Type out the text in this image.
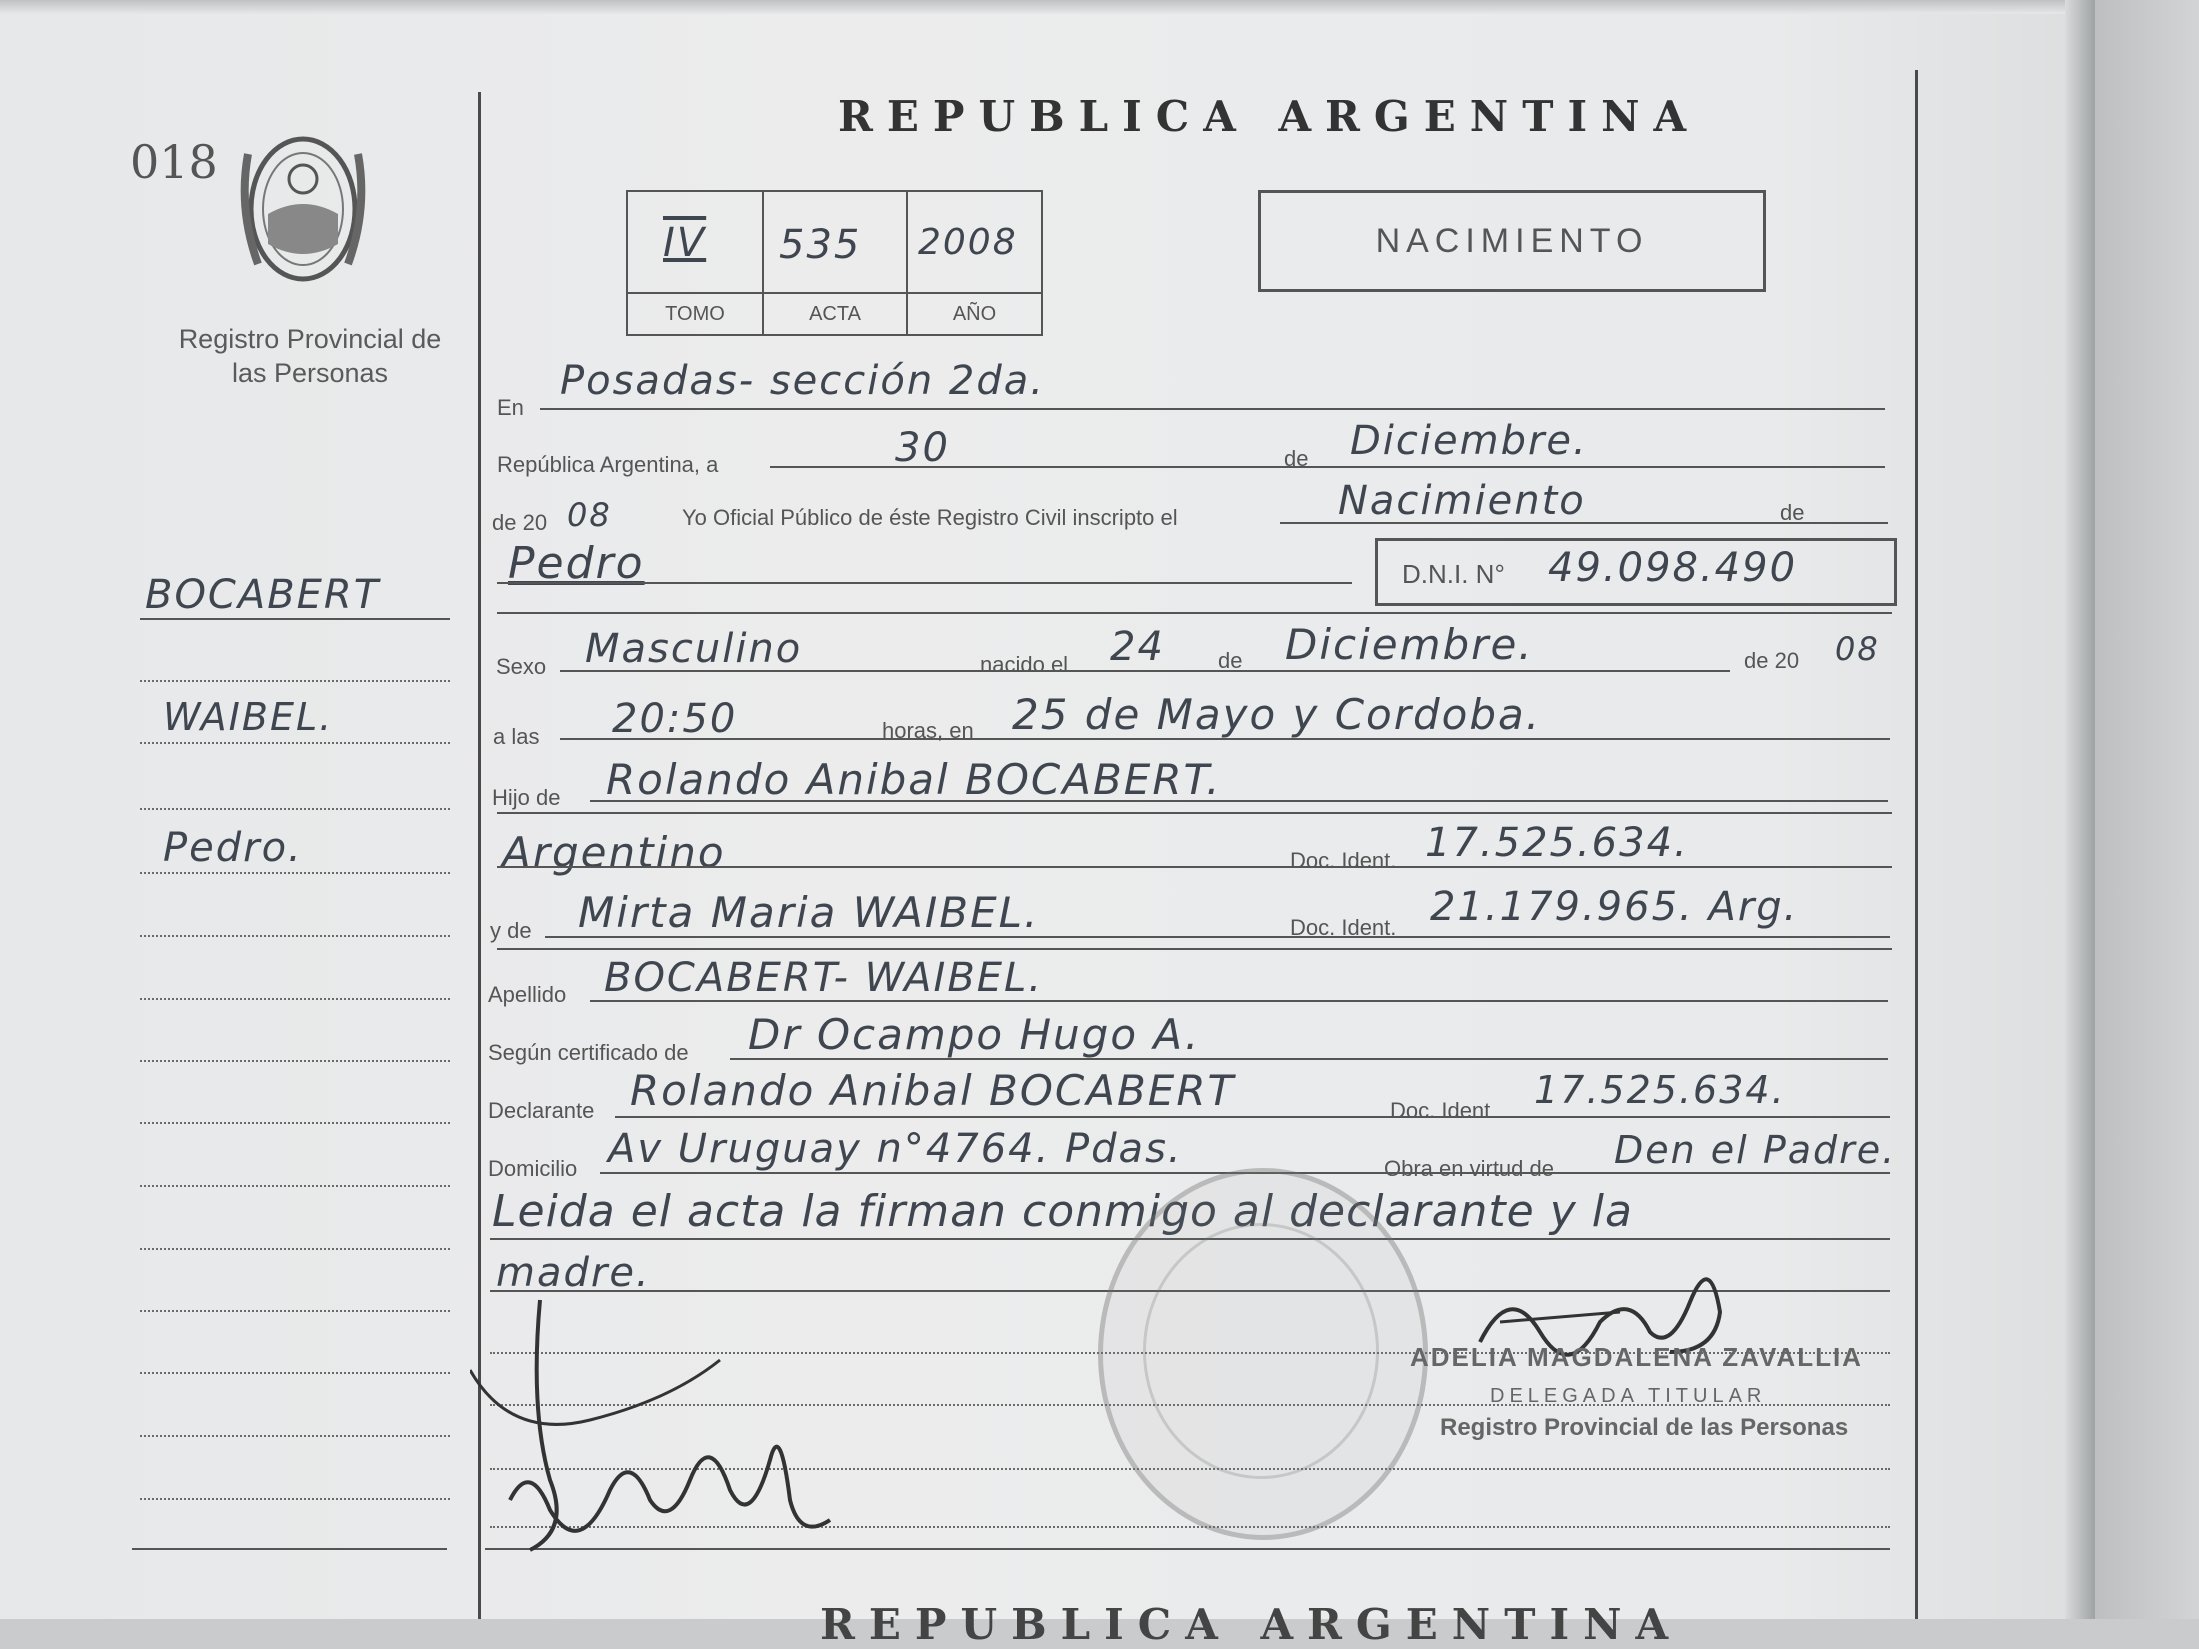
018
Registro Provincial de las Personas
BOCABERT
WAIBEL.
Pedro.
REPUBLICA ARGENTINA
IV 535 2008
TOMO	ACTA	AÑO
NACIMIENTO
En
Posadas- sección 2da.
República Argentina, a	30	de Diciembre.
de 20 08	Yo Oficial Público de éste Registro Civil inscripto el	Nacimiento	de
Pedro	D.N.I. N° 49.098.490
Sexo Masculino	nacido el 24 de Diciembre.	de 20 08
a las 20:50	horas, en 25 de Mayo y Cordoba.
Hijo de Rolando Anibal BOCABERT.
Argentino	Doc. Ident. 17.525.634.
y de Mirta Maria WAIBEL.	Doc. Ident. 21.179.965. Arg.
Apellido BOCABERT- WAIBEL.
Según certificado de Dr Ocampo Hugo A.
Declarante Rolando Anibal BOCABERT	Doc. Ident 17.525.634.
Domicilio Av Uruguay n°4764. Pdas.	Obra en virtud de Den el Padre.
Leida el acta la firman conmigo al declarante y la
madre.
ADELIA MAGDALENA ZAVALLIA
DELEGADA TITULAR
Registro Provincial de las Personas
REPUBLICA ARGENTINA
